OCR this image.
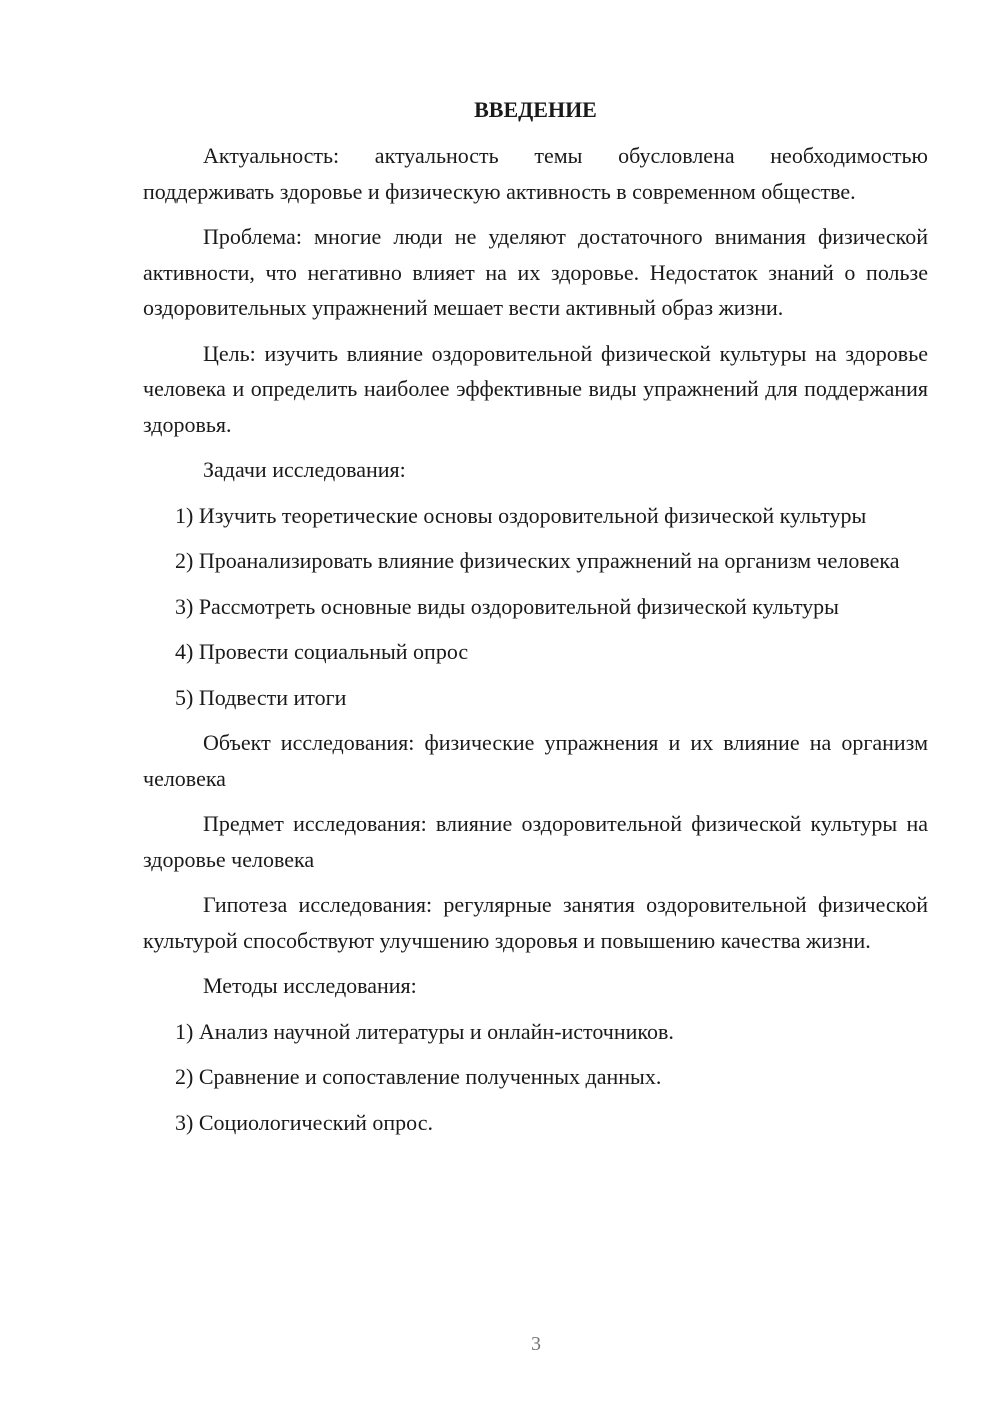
ВВЕДЕНИЕ

Актуальность: актуальность темы обусловлена необходимостью поддерживать здоровье и физическую активность в современном обществе.

Проблема: многие люди не уделяют достаточного внимания физической активности, что негативно влияет на их здоровье. Недостаток знаний о пользе оздоровительных упражнений мешает вести активный образ жизни.

Цель: изучить влияние оздоровительной физической культуры на здоровье человека и определить наиболее эффективные виды упражнений для поддержания здоровья.

Задачи исследования:

1) Изучить теоретические основы оздоровительной физической культуры

2) Проанализировать влияние физических упражнений на организм человека

3) Рассмотреть основные виды оздоровительной физической культуры

4) Провести социальный опрос

5) Подвести итоги

Объект исследования: физические упражнения и их влияние на организм человека

Предмет исследования: влияние оздоровительной физической культуры на здоровье человека

Гипотеза исследования: регулярные занятия оздоровительной физической культурой способствуют улучшению здоровья и повышению качества жизни.

Методы исследования:

1) Анализ научной литературы и онлайн-источников.

2) Сравнение и сопоставление полученных данных.

3) Социологический опрос.

3
